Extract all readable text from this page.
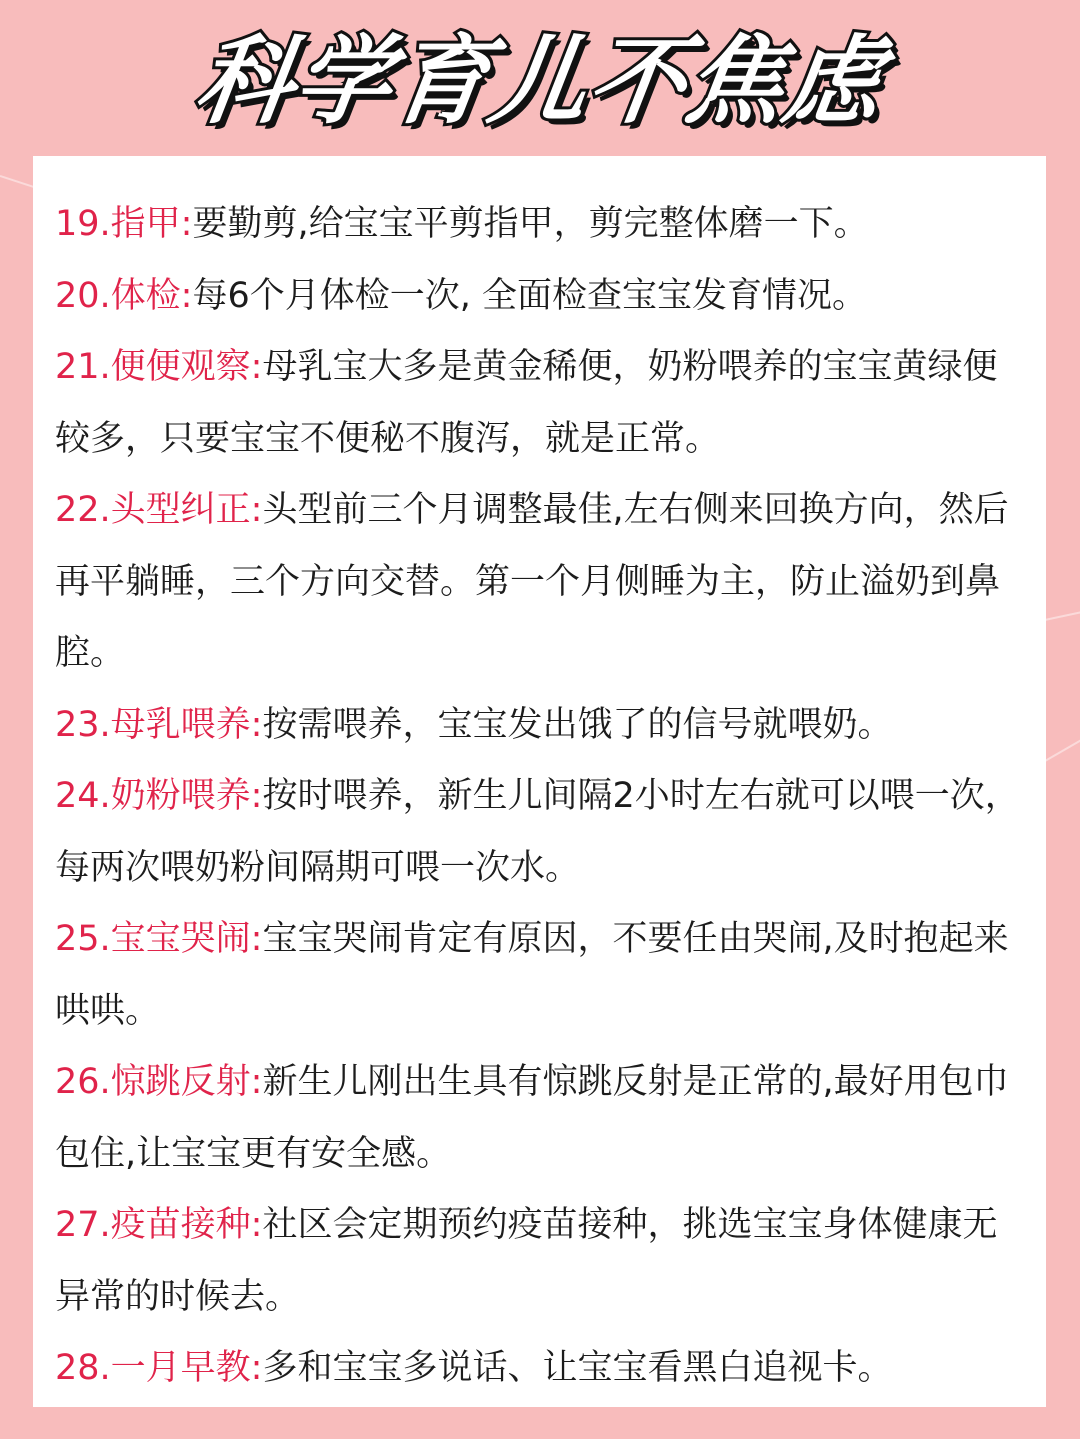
科学育儿不焦虑

19.指甲:要勤剪,给宝宝平剪指甲，剪完整体磨一下。

20.体检:每6个月体检一次, 全面检查宝宝发育情况。

21.便便观察:母乳宝大多是黄金稀便，奶粉喂养的宝宝黄绿便较多，只要宝宝不便秘不腹泻，就是正常。

22.头型纠正:头型前三个月调整最佳,左右侧来回换方向，然后再平躺睡，三个方向交替。第一个月侧睡为主，防止溢奶到鼻腔。

23.母乳喂养:按需喂养，宝宝发出饿了的信号就喂奶。

24.奶粉喂养:按时喂养，新生儿间隔2小时左右就可以喂一次，每两次喂奶粉间隔期可喂一次水。

25.宝宝哭闹:宝宝哭闹肯定有原因，不要任由哭闹,及时抱起来哄哄。

26.惊跳反射:新生儿刚出生具有惊跳反射是正常的,最好用包巾包住,让宝宝更有安全感。

27.疫苗接种:社区会定期预约疫苗接种，挑选宝宝身体健康无异常的时候去。

28.一月早教:多和宝宝多说话、让宝宝看黑白追视卡。
